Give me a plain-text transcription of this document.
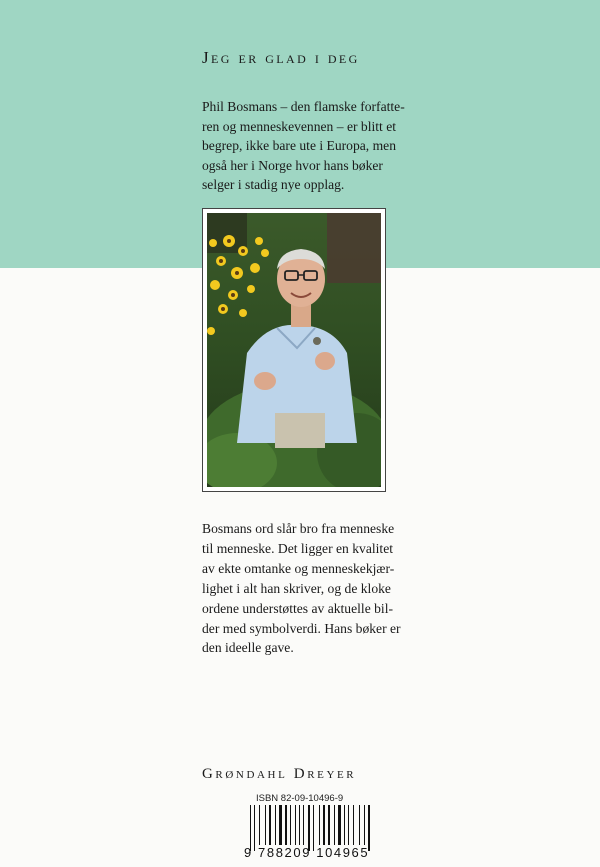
Jeg er glad i deg
Phil Bosmans – den flamske forfatte-
ren og menneskevennen – er blitt et
begrep, ikke bare ute i Europa, men
også her i Norge hvor hans bøker
selger i stadig nye opplag.
Bosmans ord slår bro fra menneske
til menneske. Det ligger en kvalitet
av ekte omtanke og menneskekjær-
lighet i alt han skriver, og de kloke
ordene understøttes av aktuelle bil-
der med symbolverdi. Hans bøker er
den ideelle gave.
Grøndahl Dreyer
ISBN 82-09-10496-9
9 788209 104965
